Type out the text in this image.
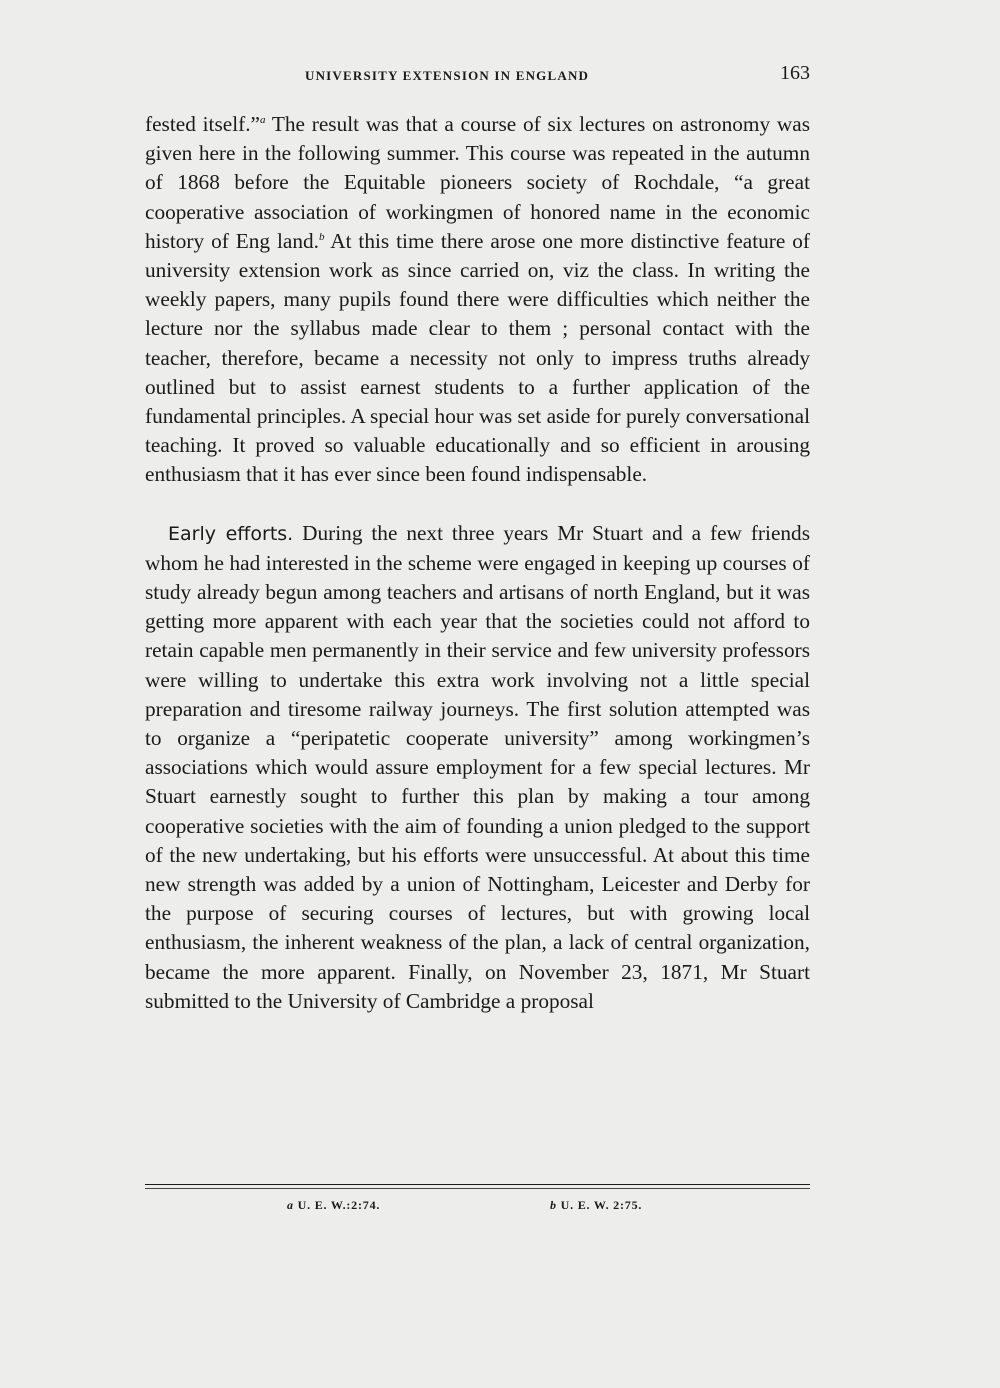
UNIVERSITY EXTENSION IN ENGLAND	163

fested itself.”$^a$ The result was that a course of six lectures on astronomy was given here in the following summer. This course was repeated in the autumn of 1868 before the Equitable pioneers society of Rochdale, “a great cooperative association of workingmen of honored name in the economic history of Eng land.$^b$ At this time there arose one more distinctive feature of university extension work as since carried on, viz the class. In writing the weekly papers, many pupils found there were difficulties which neither the lecture nor the syllabus made clear to them ; personal contact with the teacher, therefore, became a necessity not only to impress truths already outlined but to assist earnest students to a further application of the fundamental principles. A special hour was set aside for purely conversational teaching. It proved so valuable educationally and so efficient in arousing enthusiasm that it has ever since been found indispensable.

Early efforts. During the next three years Mr Stuart and a few friends whom he had interested in the scheme were engaged in keeping up courses of study already begun among teachers and artisans of north England, but it was getting more apparent with each year that the societies could not afford to retain capable men permanently in their service and few university professors were willing to undertake this extra work involving not a little special preparation and tiresome railway journeys. The first solution attempted was to organize a “peripatetic cooperate university” among workingmen’s associations which would assure employment for a few special lectures. Mr Stuart earnestly sought to further this plan by making a tour among cooperative societies with the aim of founding a union pledged to the support of the new undertaking, but his efforts were unsuccessful. At about this time new strength was added by a union of Nottingham, Leicester and Derby for the purpose of securing courses of lectures, but with growing local enthusiasm, the inherent weakness of the plan, a lack of central organization, became the more apparent. Finally, on November 23, 1871, Mr Stuart submitted to the University of Cambridge a proposal

a U. E. W.:2:74.	b U. E. W. 2:75.
